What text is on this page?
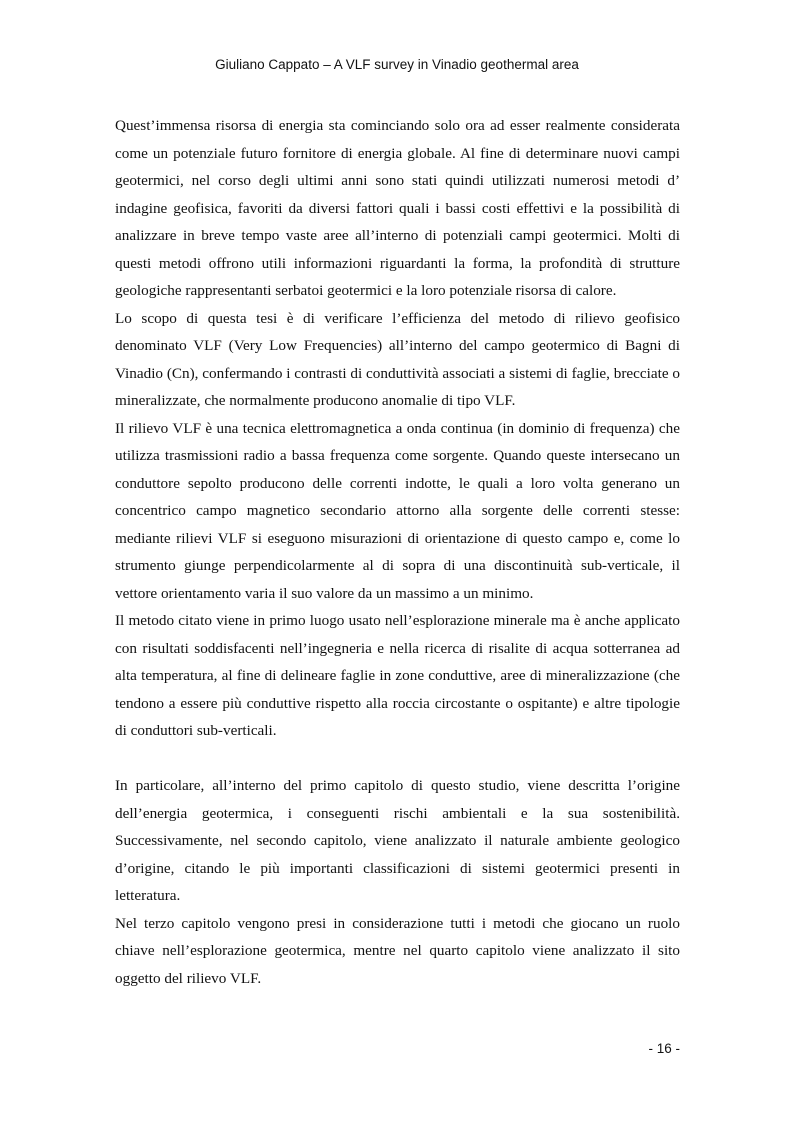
Giuliano Cappato – A VLF survey in Vinadio geothermal area

Quest’immensa risorsa di energia sta cominciando solo ora ad esser realmente considerata come un potenziale futuro fornitore di energia globale. Al fine di determinare nuovi campi geotermici, nel corso degli ultimi anni sono stati quindi utilizzati numerosi metodi d’ indagine geofisica, favoriti da diversi fattori quali i bassi costi effettivi e la possibilità di analizzare in breve tempo vaste aree all’interno di potenziali campi geotermici. Molti di questi metodi offrono utili informazioni riguardanti la forma, la profondità di strutture geologiche rappresentanti serbatoi geotermici e la loro potenziale risorsa di calore.

Lo scopo di questa tesi è di verificare l’efficienza del metodo di rilievo geofisico denominato VLF (Very Low Frequencies) all’interno del campo geotermico di Bagni di Vinadio (Cn), confermando i contrasti di conduttività associati a sistemi di faglie, brecciate o mineralizzate, che normalmente producono anomalie di tipo VLF.

Il rilievo VLF è una tecnica elettromagnetica a onda continua (in dominio di frequenza) che utilizza trasmissioni radio a bassa frequenza come sorgente. Quando queste intersecano un conduttore sepolto producono delle correnti indotte, le quali a loro volta generano un concentrico campo magnetico secondario attorno alla sorgente delle correnti stesse: mediante rilievi VLF si eseguono misurazioni di orientazione di questo campo e, come lo strumento giunge perpendicolarmente al di sopra di una discontinuità sub-verticale, il vettore orientamento varia il suo valore da un massimo a un minimo.

Il metodo citato viene in primo luogo usato nell’esplorazione minerale ma è anche applicato con risultati soddisfacenti nell’ingegneria e nella ricerca di risalite di acqua sotterranea ad alta temperatura, al fine di delineare faglie in zone conduttive, aree di mineralizzazione (che tendono a essere più conduttive rispetto alla roccia circostante o ospitante) e altre tipologie di conduttori sub-verticali.

In particolare, all’interno del primo capitolo di questo studio, viene descritta l’origine dell’energia geotermica, i conseguenti rischi ambientali e la sua sostenibilità. Successivamente, nel secondo capitolo, viene analizzato il naturale ambiente geologico d’origine, citando le più importanti classificazioni di sistemi geotermici presenti in letteratura.

Nel terzo capitolo vengono presi in considerazione tutti i metodi che giocano un ruolo chiave nell’esplorazione geotermica, mentre nel quarto capitolo viene analizzato il sito oggetto del rilievo VLF.

- 16 -
